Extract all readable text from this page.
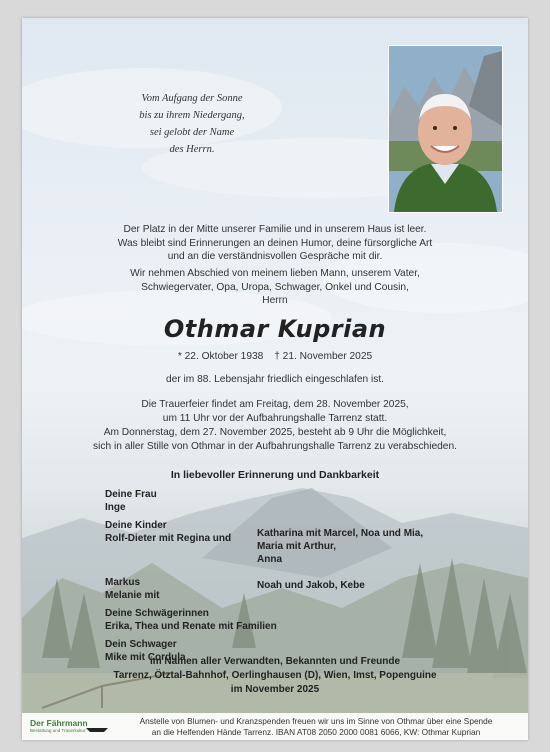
Vom Aufgang der Sonne
bis zu ihrem Niedergang,
sei gelobt der Name
des Herrn.
Der Platz in der Mitte unserer Familie und in unserem Haus ist leer.
Was bleibt sind Erinnerungen an deinen Humor, deine fürsorgliche Art
und an die verständnisvollen Gespräche mit dir.
Wir nehmen Abschied von meinem lieben Mann, unserem Vater,
Schwiegervater, Opa, Uropa, Schwager, Onkel und Cousin,
Herrn
Othmar Kuprian
* 22. Oktober 1938 † 21. November 2025
der im 88. Lebensjahr friedlich eingeschlafen ist.
Die Trauerfeier findet am Freitag, dem 28. November 2025,
um 11 Uhr vor der Aufbahrungshalle Tarrenz statt.
Am Donnerstag, dem 27. November 2025, besteht ab 9 Uhr die Möglichkeit,
sich in aller Stille von Othmar in der Aufbahrungshalle Tarrenz zu verabschieden.
In liebevoller Erinnerung und Dankbarkeit
Deine Frau
Inge
Deine Kinder
Rolf-Dieter mit Regina und
Markus
Melanie mit
Deine Schwägerinnen
Erika, Thea und Renate mit Familien
Dein Schwager
Mike mit Cordula
Katharina mit Marcel, Noa und Mia,
Maria mit Arthur,
Anna
Noah und Jakob, Kebe
im Namen aller Verwandten, Bekannten und Freunde
Tarrenz, Ötztal-Bahnhof, Oerlinghausen (D), Wien, Imst, Popenguine
im November 2025
Der Fährmann
Bestattung und Trauerkultur
Anstelle von Blumen- und Kranzspenden freuen wir uns im Sinne von Othmar über eine Spende
an die Helfenden Hände Tarrenz. IBAN AT08 2050 2000 0081 6066, KW: Othmar Kuprian
